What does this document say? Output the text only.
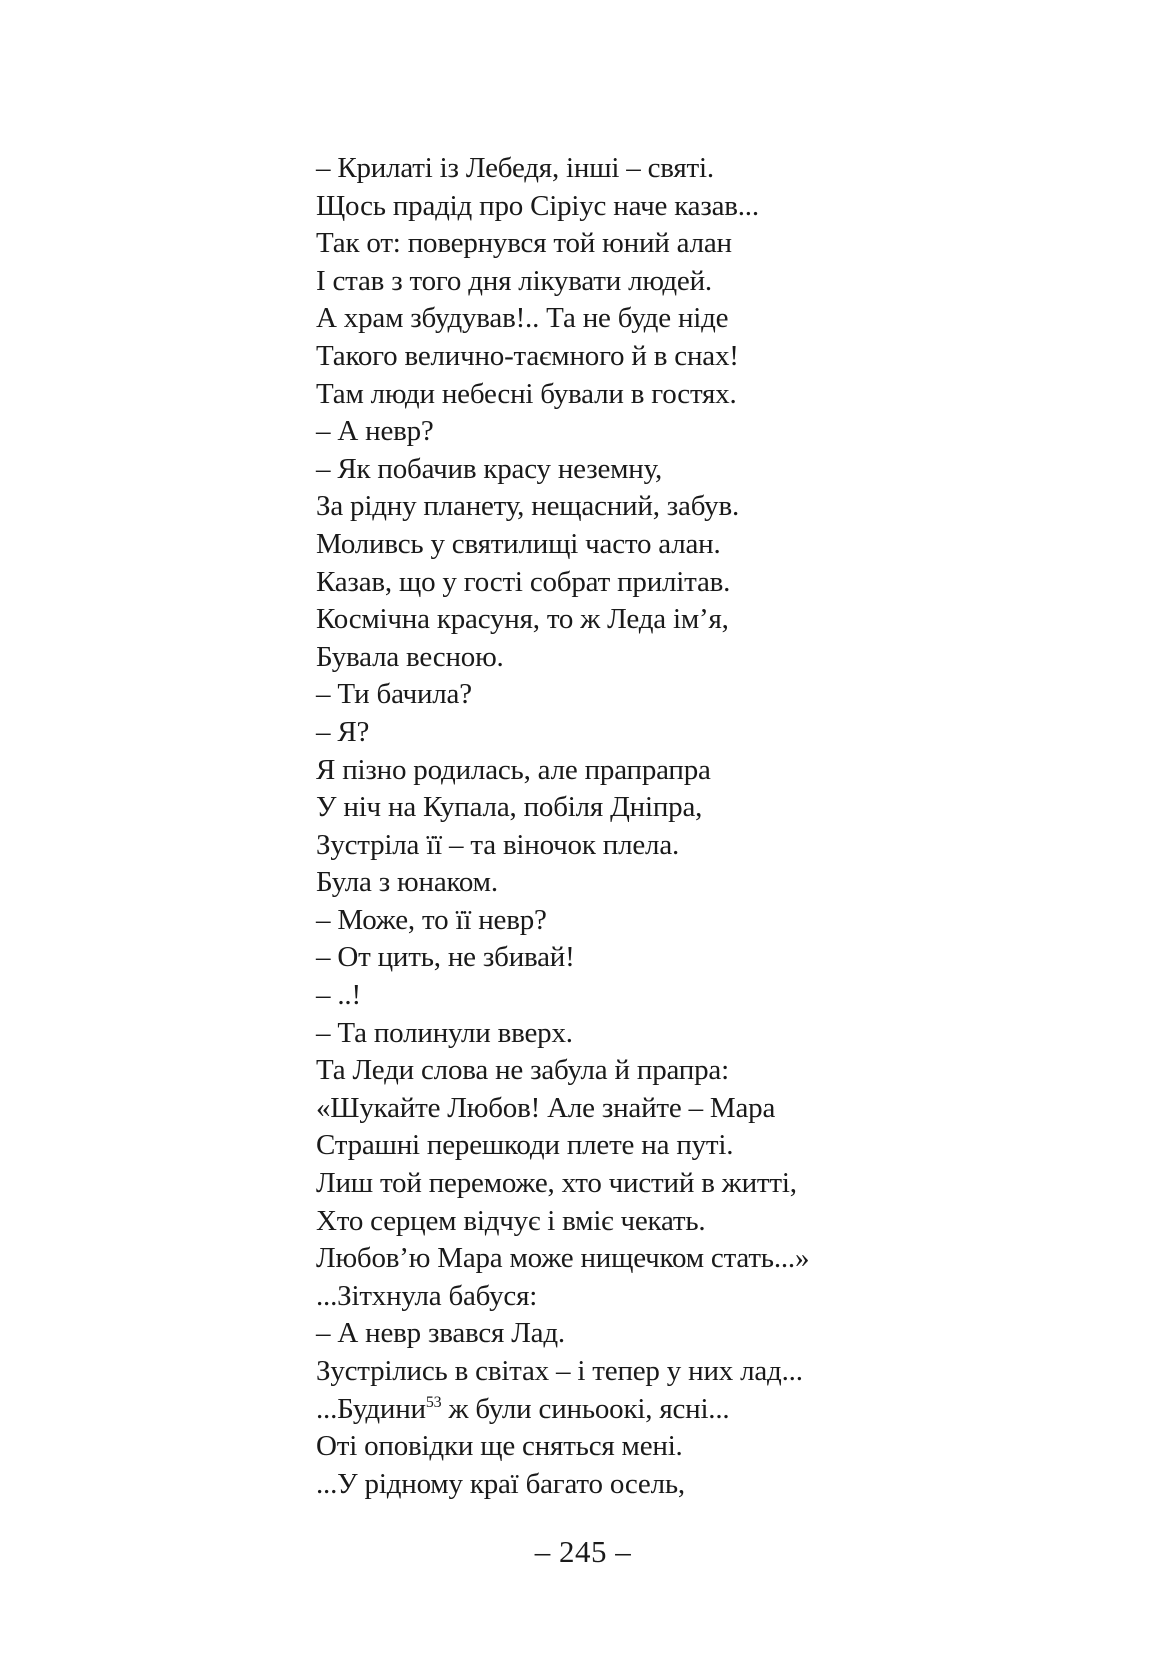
– Крилаті із Лебедя, інші – святі.
Щось прадід про Сіріус наче казав...
Так от: повернувся той юний алан
І став з того дня лікувати людей.
А храм збудував!.. Та не буде ніде
Такого велично-таємного й в снах!
Там люди небесні бували в гостях.
– А невр?
– Як побачив красу неземну,
За рідну планету, нещасний, забув.
Моливсь у святилищі часто алан.
Казав, що у гості собрат прилітав.
Космічна красуня, то ж Леда ім’я,
Бувала весною.
– Ти бачила?
– Я?
Я пізно родилась, але прапрапра
У ніч на Купала, побіля Дніпра,
Зустріла її – та віночок плела.
Була з юнаком.
– Може, то її невр?
– От цить, не збивай!
– ..!
– Та полинули вверх.
Та Леди слова не забула й прапра:
«Шукайте Любов! Але знайте – Мара
Страшні перешкоди плете на путі.
Лиш той переможе, хто чистий в житті,
Хто серцем відчує і вміє чекать.
Любов’ю Мара може нищечком стать...»
...Зітхнула бабуся:
– А невр звався Лад.
Зустрілись в світах – і тепер у них лад...
...Будини$^{53}$ ж були синьоокі, ясні...
Оті оповідки ще сняться мені.
...У рідному краї багато осель,
– 245 –
